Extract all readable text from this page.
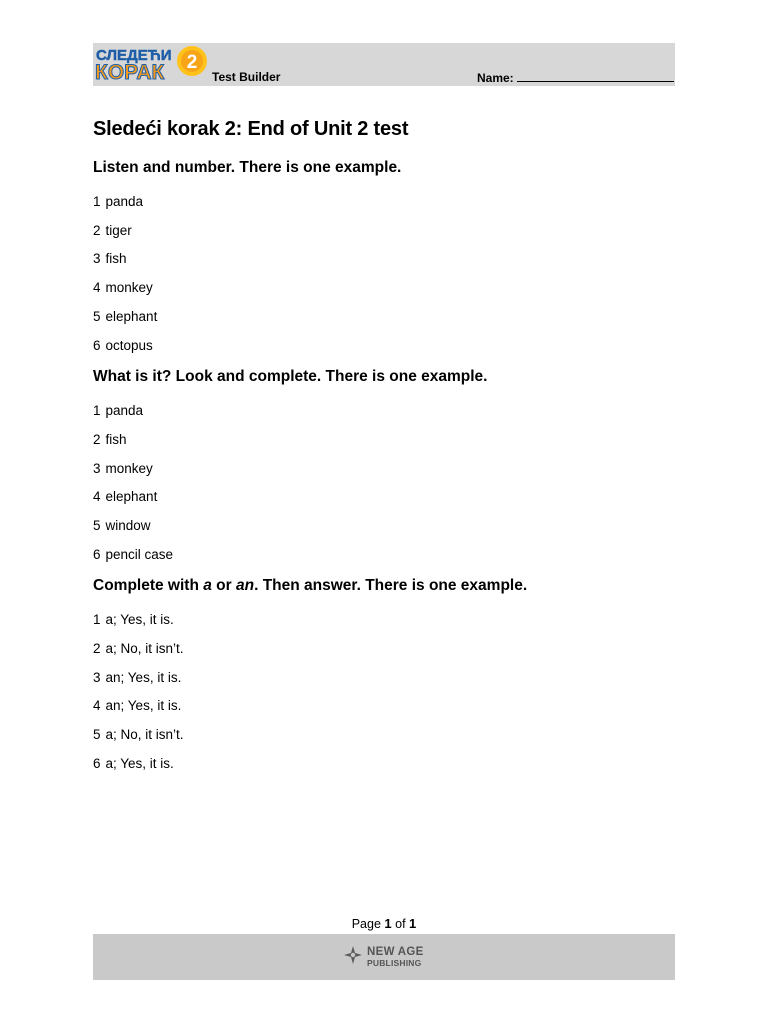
2
СЛЕДЕЋИ
КОРАК	Test Builder	Name:
Sledeći korak 2: End of Unit 2 test
Listen and number. There is one example.

1 panda

2 tiger

3 fish

4 monkey

5 elephant

6 octopus

What is it? Look and complete. There is one example.

1 panda

2 fish

3 monkey

4 elephant

5 window

6 pencil case

Complete with a or an. Then answer. There is one example.

1 a; Yes, it is.

2 a; No, it isn’t.

3 an; Yes, it is.

4 an; Yes, it is.

5 a; No, it isn’t.

6 a; Yes, it is.

Page 1 of 1
NEW AGE
PUBLISHING
